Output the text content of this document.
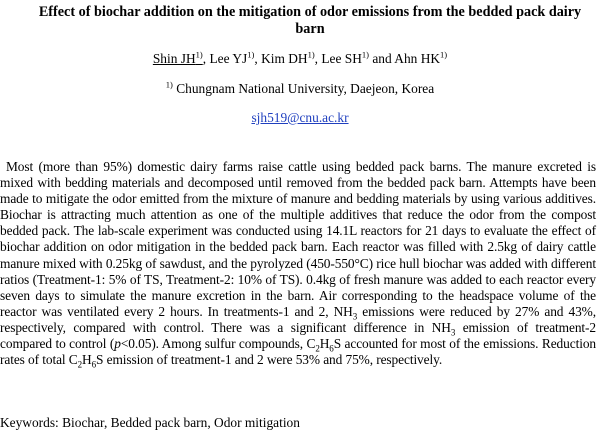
Effect of biochar addition on the mitigation of odor emissions from the bedded pack dairy barn
Shin JH$^{1)}$, Lee YJ$^{1)}$, Kim DH$^{1)}$, Lee SH$^{1)}$ and Ahn HK$^{1)}$
$^{1)}$ Chungnam National University, Daejeon, Korea
sjh519@cnu.ac.kr
Most (more than 95%) domestic dairy farms raise cattle using bedded pack barns. The manure excreted is mixed with bedding materials and decomposed until removed from the bedded pack barn. Attempts have been made to mitigate the odor emitted from the mixture of manure and bedding materials by using various additives. Biochar is attracting much attention as one of the multiple additives that reduce the odor from the compost bedded pack. The lab-scale experiment was conducted using 14.1L reactors for 21 days to evaluate the effect of biochar addition on odor mitigation in the bedded pack barn. Each reactor was filled with 2.5kg of dairy cattle manure mixed with 0.25kg of sawdust, and the pyrolyzed (450-550°C) rice hull biochar was added with different ratios (Treatment-1: 5% of TS, Treatment-2: 10% of TS). 0.4kg of fresh manure was added to each reactor every seven days to simulate the manure excretion in the barn. Air corresponding to the headspace volume of the reactor was ventilated every 2 hours. In treatments-1 and 2, $NH_3$ emissions were reduced by 27% and 43%, respectively, compared with control. There was a significant difference in $NH_3$ emission of treatment-2 compared to control (p<0.05). Among sulfur compounds, $C_2H_6S$ accounted for most of the emissions. Reduction rates of total $C_2H_6S$ emission of treatment-1 and 2 were 53% and 75%, respectively.
Keywords: Biochar, Bedded pack barn, Odor mitigation
